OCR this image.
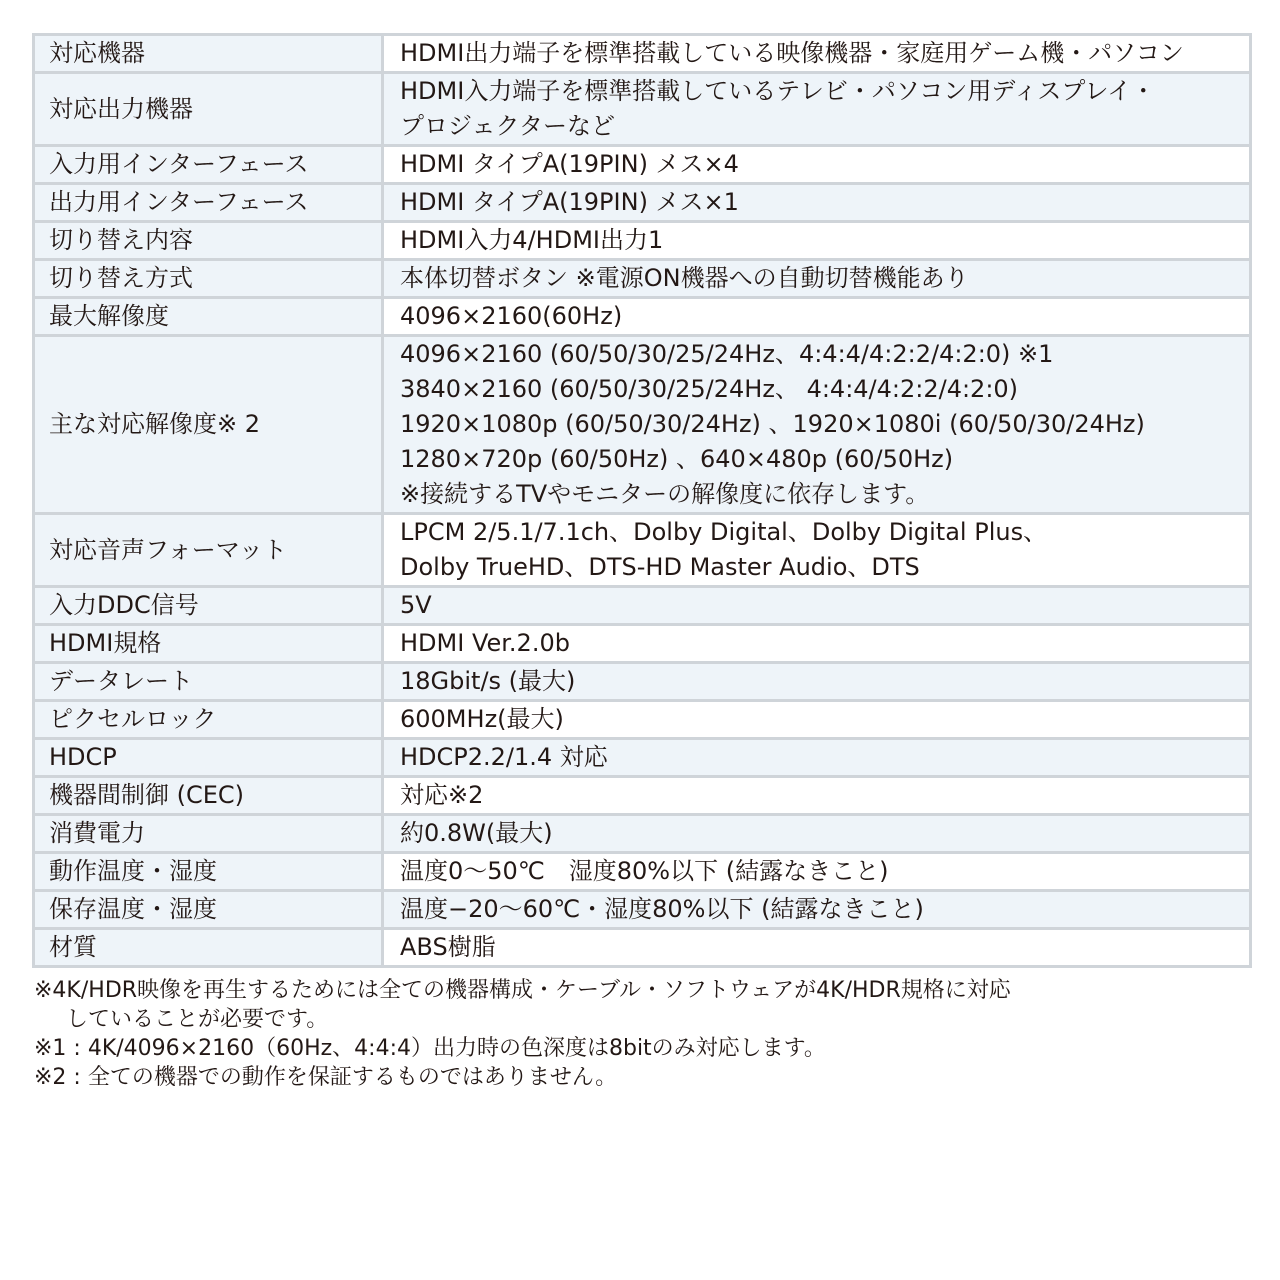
対応機器	HDMI出力端子を標準搭載している映像機器・家庭用ゲーム機・パソコン

対応出力機器	HDMI入力端子を標準搭載しているテレビ・パソコン用ディスプレイ・
プロジェクターなど

入力用インターフェース	HDMI タイプA(19PIN) メス×4

出力用インターフェース	HDMI タイプA(19PIN) メス×1

切り替え内容	HDMI入力4/HDMI出力1

切り替え方式	本体切替ボタン ※電源ON機器への自動切替機能あり

最大解像度	4096×2160(60Hz)

主な対応解像度※ 2	4096×2160 (60/50/30/25/24Hz、4:4:4/4:2:2/4:2:0) ※1
3840×2160 (60/50/30/25/24Hz、 4:4:4/4:2:2/4:2:0)
1920×1080p (60/50/30/24Hz) 、1920×1080i (60/50/30/24Hz)
1280×720p (60/50Hz) 、640×480p (60/50Hz)
※接続するTVやモニターの解像度に依存します。

対応音声フォーマット	LPCM 2/5.1/7.1ch、Dolby Digital、Dolby Digital Plus、
Dolby TrueHD、DTS-HD Master Audio、DTS

入力DDC信号	5V

HDMI規格	HDMI Ver.2.0b

データレート	18Gbit/s (最大)

ピクセルロック	600MHz(最大)

HDCP	HDCP2.2/1.4 対応

機器間制御 (CEC)	対応※2

消費電力	約0.8W(最大)

動作温度・湿度	温度0〜50℃　湿度80%以下 (結露なきこと)

保存温度・湿度	温度−20〜60℃・湿度80%以下 (結露なきこと)

材質	ABS樹脂
※4K/HDR映像を再生するためには全ての機器構成・ケーブル・ソフトウェアが4K/HDR規格に対応
していることが必要です。
※1 : 4K/4096×2160（60Hz、4:4:4）出力時の色深度は8bitのみ対応します。
※2 : 全ての機器での動作を保証するものではありません。
